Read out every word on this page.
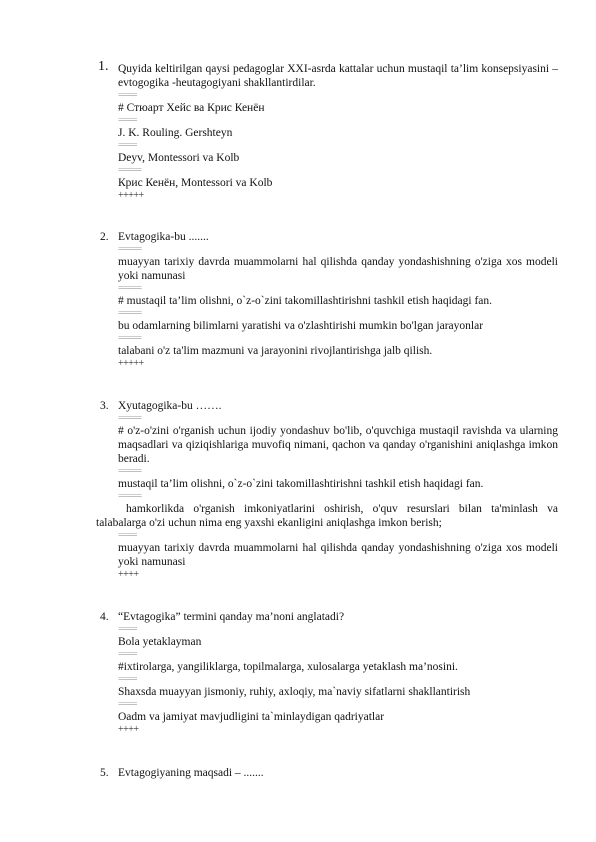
1. Quyida keltirilgan qaysi pedagoglar XXI-asrda kattalar uchun mustaqil ta’lim konsepsiyasini – evtogogika -heutagogiyani shakllantirdilar.
====
# Стюарт Хейс ва Крис Кенён
====
J. K. Rouling. Gershteyn
====
Deyv, Montessori va Kolb
=====
Крис Кенён, Montessori va Kolb
+++++
2. Evtagogika-bu .......
=====
muayyan tarixiy davrda muammolarni hal qilishda qanday yondashishning o'ziga xos modeli yoki namunasi
=====
# mustaqil ta’lim olishni, o`z-o`zini takomillashtirishni tashkil etish haqidagi fan.
=====
bu odamlarning bilimlarni yaratishi va o'zlashtirishi mumkin bo'lgan jarayonlar
=====
talabani o'z ta'lim mazmuni va jarayonini rivojlantirishga jalb qilish.
+++++
3. Xyutagogika-bu …….
=====
# o'z-o'zini o'rganish uchun ijodiy yondashuv bo'lib, o'quvchiga mustaqil ravishda va ularning maqsadlari va qiziqishlariga muvofiq nimani, qachon va qanday o'rganishini aniqlashga imkon beradi.
=====
mustaqil ta’lim olishni, o`z-o`zini takomillashtirishni tashkil etish haqidagi fan.
=====
hamkorlikda o'rganish imkoniyatlarini oshirish, o'quv resurslari bilan ta'minlash va talabalarga o'zi uchun nima eng yaxshi ekanligini aniqlashga imkon berish;
====
muayyan tarixiy davrda muammolarni hal qilishda qanday yondashishning o'ziga xos modeli yoki namunasi
++++
4. “Evtagogika” termini qanday ma’noni anglatadi?
====
Bola yetaklayman
====
#ixtirolarga, yangiliklarga, topilmalarga, xulosalarga yetaklash ma’nosini.
====
Shaxsda muayyan jismoniy, ruhiy, axloqiy, ma`naviy sifatlarni shakllantirish
====
Oadm va jamiyat mavjudligini ta`minlaydigan qadriyatlar
++++
5. Evtagogiyaning maqsadi – .......
